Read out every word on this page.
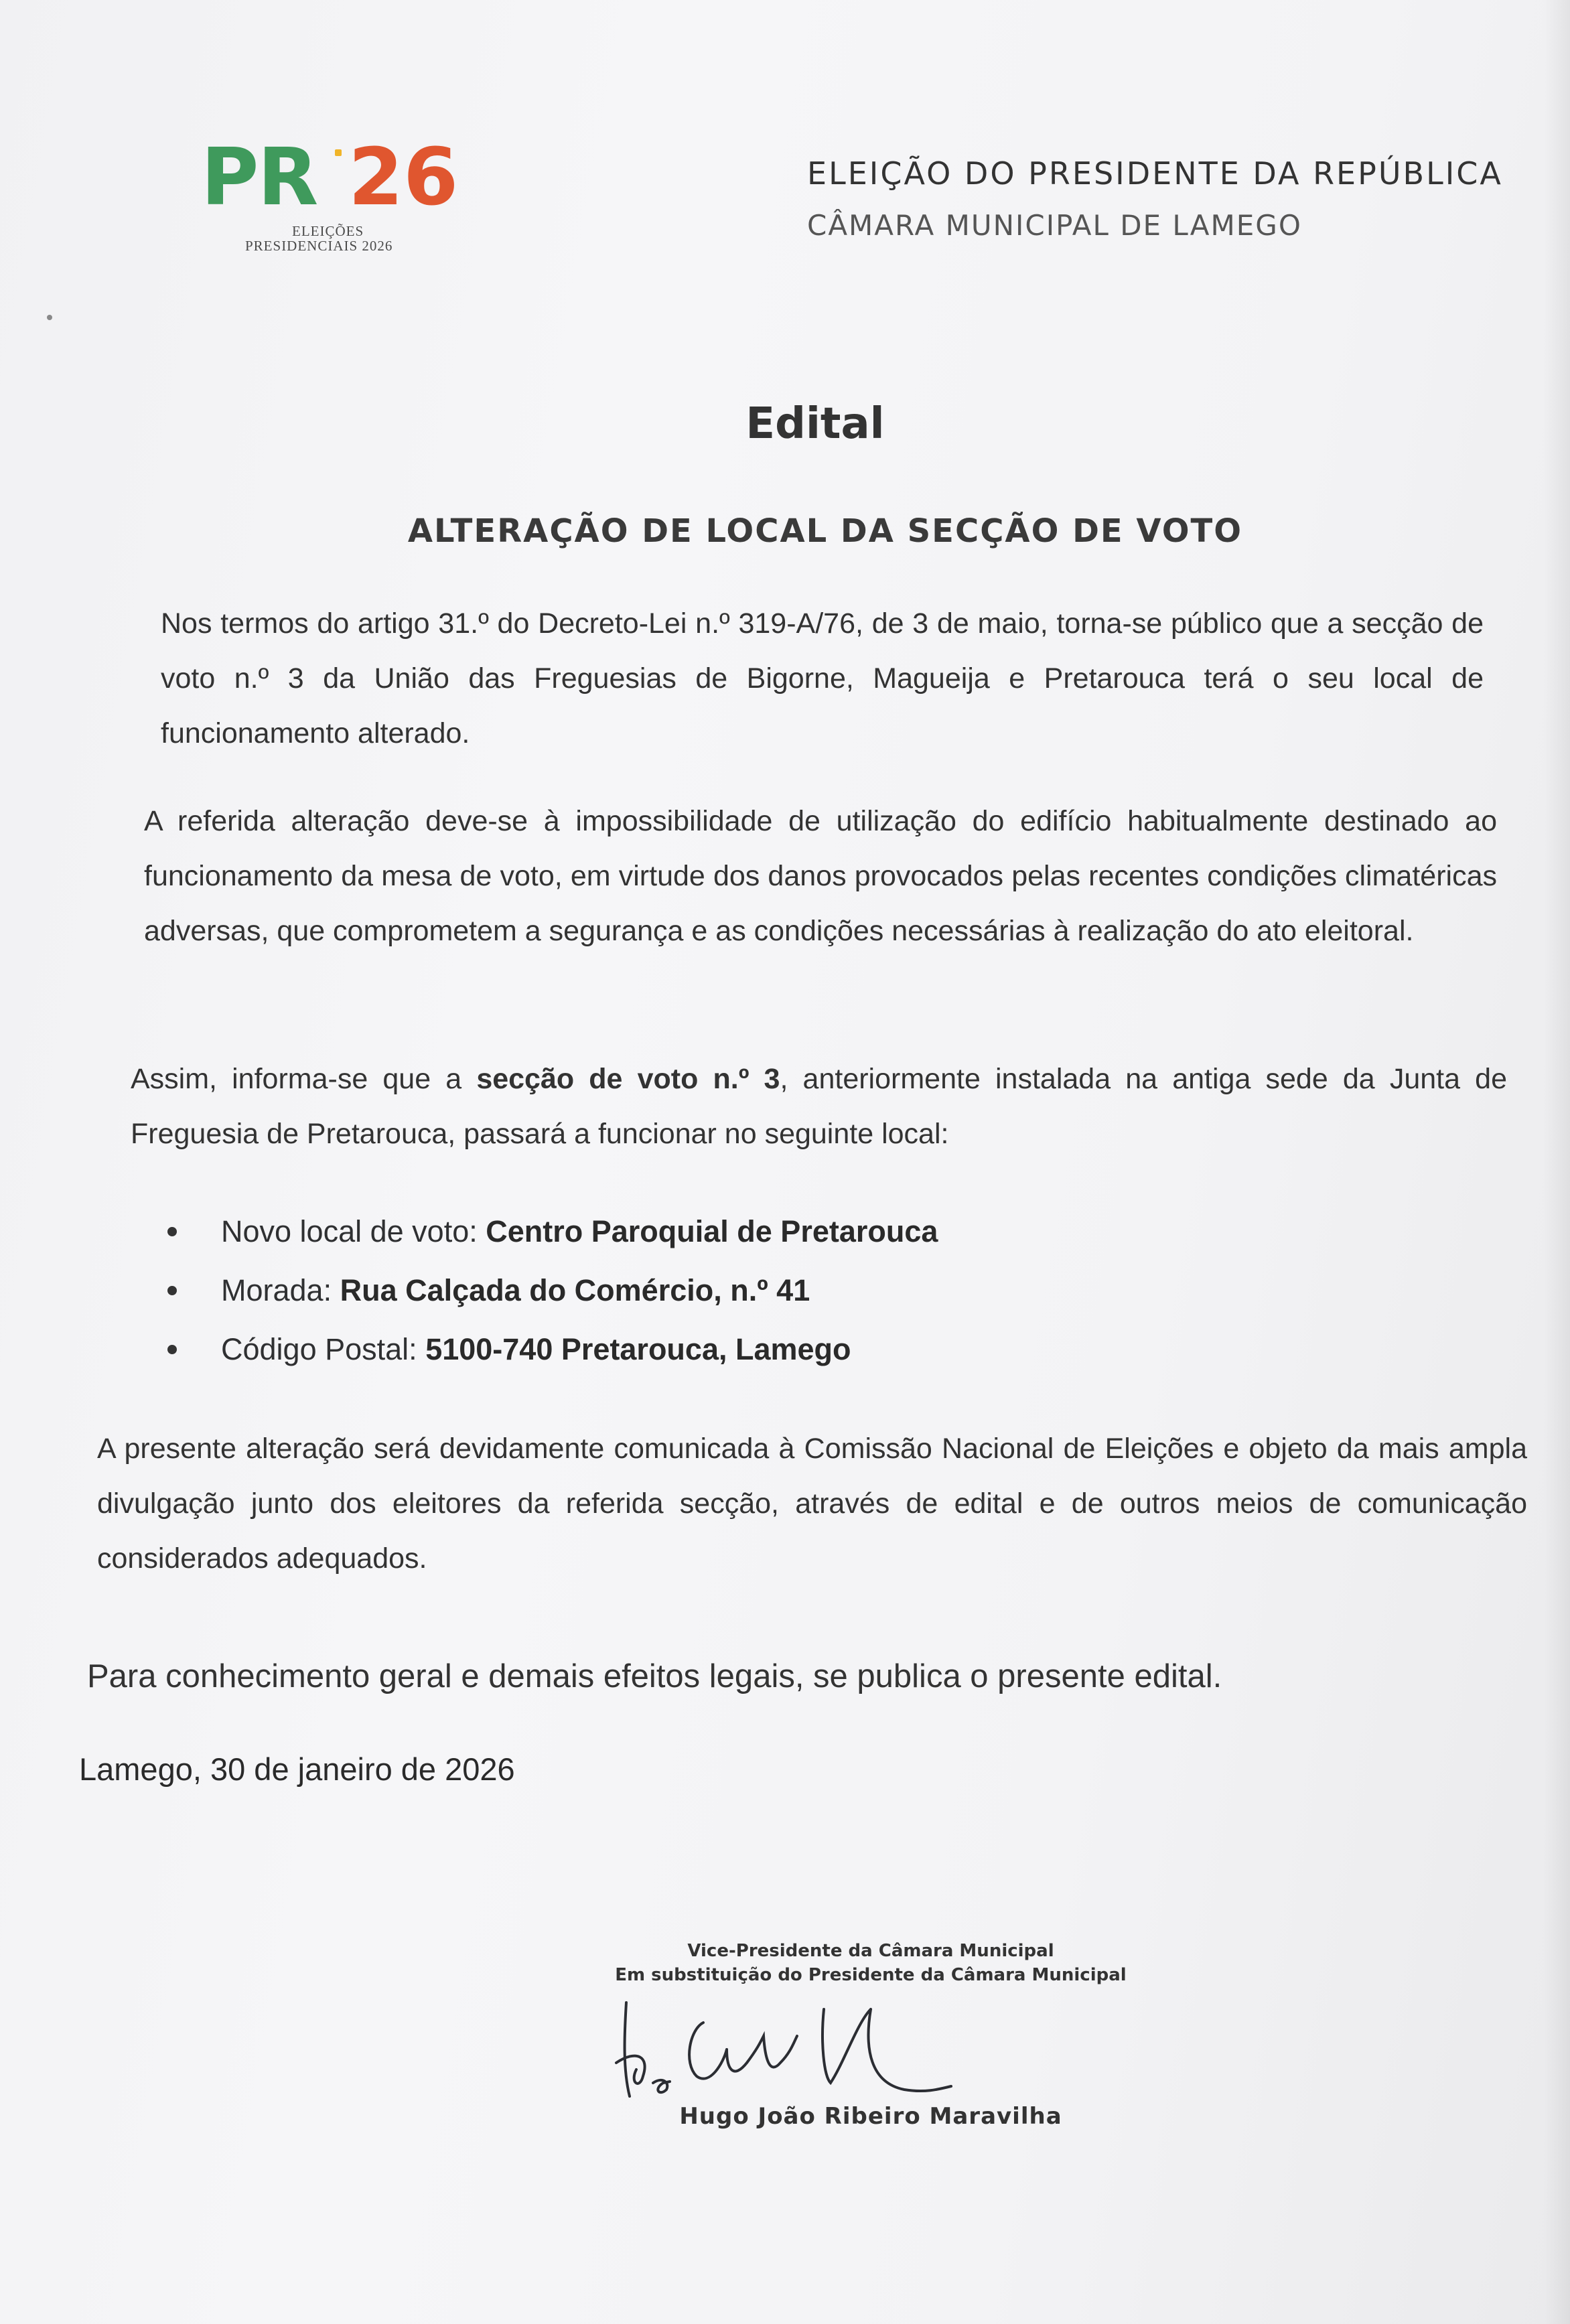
PR 26
ELEIÇÕES
PRESIDENCIAIS 2026
ELEIÇÃO DO PRESIDENTE DA REPÚBLICA
CÂMARA MUNICIPAL DE LAMEGO
Edital
ALTERAÇÃO DE LOCAL DA SECÇÃO DE VOTO
Nos termos do artigo 31.º do Decreto-Lei n.º 319-A/76, de 3 de maio, torna-se público que a secção de voto n.º 3 da União das Freguesias de Bigorne, Magueija e Pretarouca terá o seu local de funcionamento alterado.
A referida alteração deve-se à impossibilidade de utilização do edifício habitualmente destinado ao funcionamento da mesa de voto, em virtude dos danos provocados pelas recentes condições climatéricas adversas, que comprometem a segurança e as condições necessárias à realização do ato eleitoral.
Assim, informa-se que a secção de voto n.º 3, anteriormente instalada na antiga sede da Junta de Freguesia de Pretarouca, passará a funcionar no seguinte local:
Novo local de voto: Centro Paroquial de Pretarouca
Morada: Rua Calçada do Comércio, n.º 41
Código Postal: 5100-740 Pretarouca, Lamego
A presente alteração será devidamente comunicada à Comissão Nacional de Eleições e objeto da mais ampla divulgação junto dos eleitores da referida secção, através de edital e de outros meios de comunicação considerados adequados.
Para conhecimento geral e demais efeitos legais, se publica o presente edital.
Lamego, 30 de janeiro de 2026
Vice-Presidente da Câmara Municipal
Em substituição do Presidente da Câmara Municipal
Hugo João Ribeiro Maravilha
